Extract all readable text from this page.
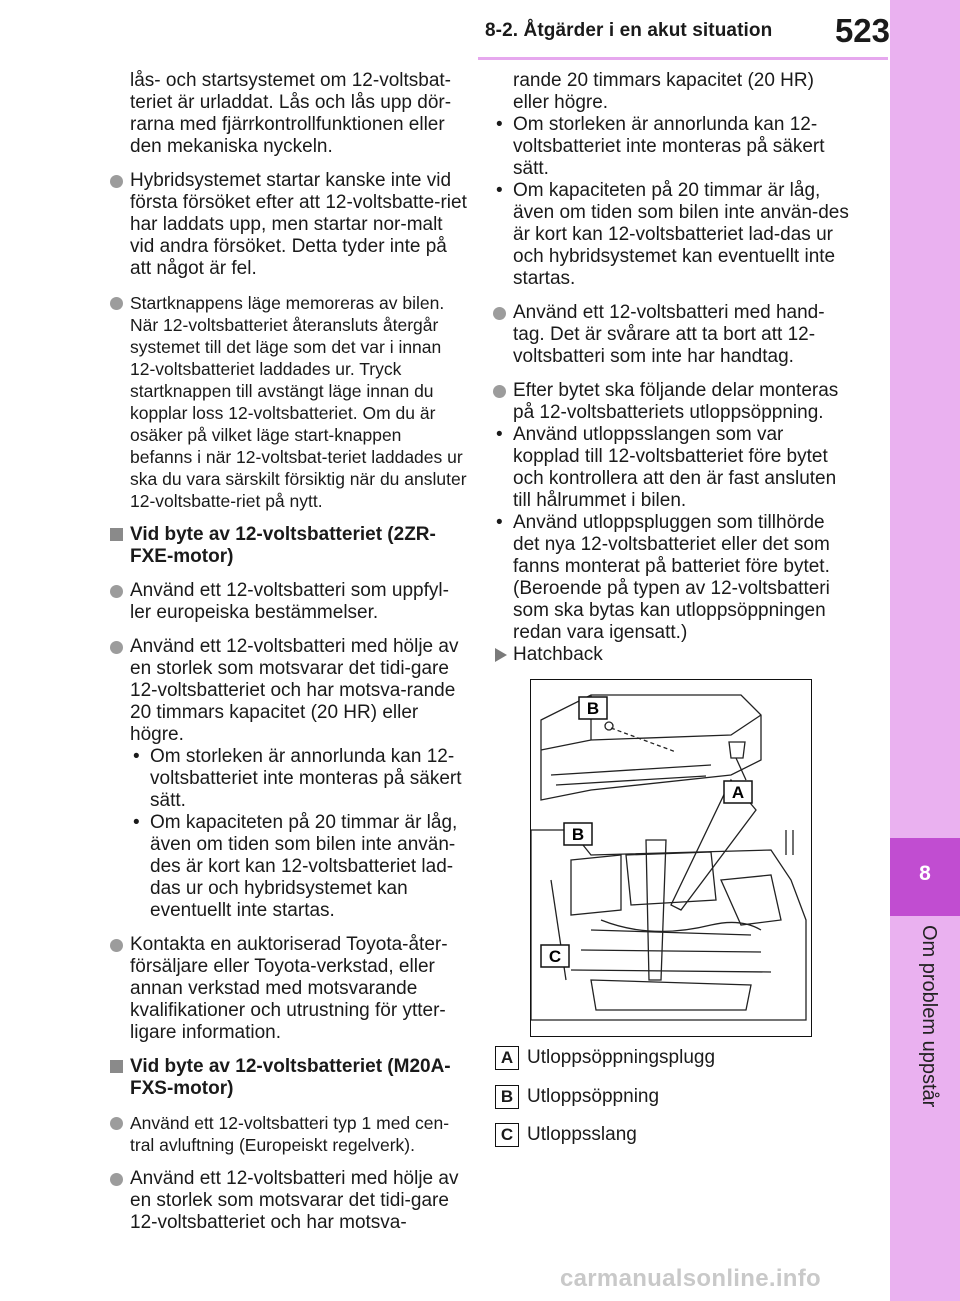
8-2. Åtgärder i en akut situation	523
8
Om problem uppstår

lås- och startsystemet om 12-voltsbat-teriet är urladdat. Lås och lås upp dör-rarna med fjärrkontrollfunktionen eller den mekaniska nyckeln.

Hybridsystemet startar kanske inte vid första försöket efter att 12-voltsbatte-riet har laddats upp, men startar nor-malt vid andra försöket. Detta tyder inte på att något är fel.

Startknappens läge memoreras av bilen. När 12-voltsbatteriet återansluts återgår systemet till det läge som det var i innan 12-voltsbatteriet laddades ur. Tryck startknappen till avstängt läge innan du kopplar loss 12-voltsbatteriet. Om du är osäker på vilket läge start-knappen befanns i när 12-voltsbat-teriet laddades ur ska du vara särskilt försiktig när du ansluter 12-voltsbatte-riet på nytt.

Vid byte av 12-voltsbatteriet (2ZR-FXE-motor)

Använd ett 12-voltsbatteri som uppfyl-ler europeiska bestämmelser.

Använd ett 12-voltsbatteri med hölje av en storlek som motsvarar det tidi-gare 12-voltsbatteriet och har motsva-rande 20 timmars kapacitet (20 HR) eller högre.

• Om storleken är annorlunda kan 12-voltsbatteriet inte monteras på säkert sätt.

• Om kapaciteten på 20 timmar är låg, även om tiden som bilen inte använ-des är kort kan 12-voltsbatteriet lad-das ur och hybridsystemet kan eventuellt inte startas.

Kontakta en auktoriserad Toyota-åter-försäljare eller Toyota-verkstad, eller annan verkstad med motsvarande kvalifikationer och utrustning för ytter-ligare information.

Vid byte av 12-voltsbatteriet (M20A-FXS-motor)

Använd ett 12-voltsbatteri typ 1 med cen-tral avluftning (Europeiskt regelverk).

Använd ett 12-voltsbatteri med hölje av en storlek som motsvarar det tidi-gare 12-voltsbatteriet och har motsva-

rande 20 timmars kapacitet (20 HR) eller högre.

• Om storleken är annorlunda kan 12-voltsbatteriet inte monteras på säkert sätt.

• Om kapaciteten på 20 timmar är låg, även om tiden som bilen inte använ-des är kort kan 12-voltsbatteriet lad-das ur och hybridsystemet kan eventuellt inte startas.

Använd ett 12-voltsbatteri med hand-tag. Det är svårare att ta bort att 12-voltsbatteri som inte har handtag.

Efter bytet ska följande delar monteras på 12-voltsbatteriets utloppsöppning.

• Använd utloppsslangen som var kopplad till 12-voltsbatteriet före bytet och kontrollera att den är fast ansluten till hålrummet i bilen.

• Använd utloppspluggen som tillhörde det nya 12-voltsbatteriet eller det som fanns monterat på batteriet före bytet. (Beroende på typen av 12-voltsbatteri som ska bytas kan utloppsöppningen redan vara igensatt.)

Hatchback

B
A
B
C
A Utloppsöppningsplugg
B Utloppsöppning
C Utloppsslang
carmanualsonline.info
